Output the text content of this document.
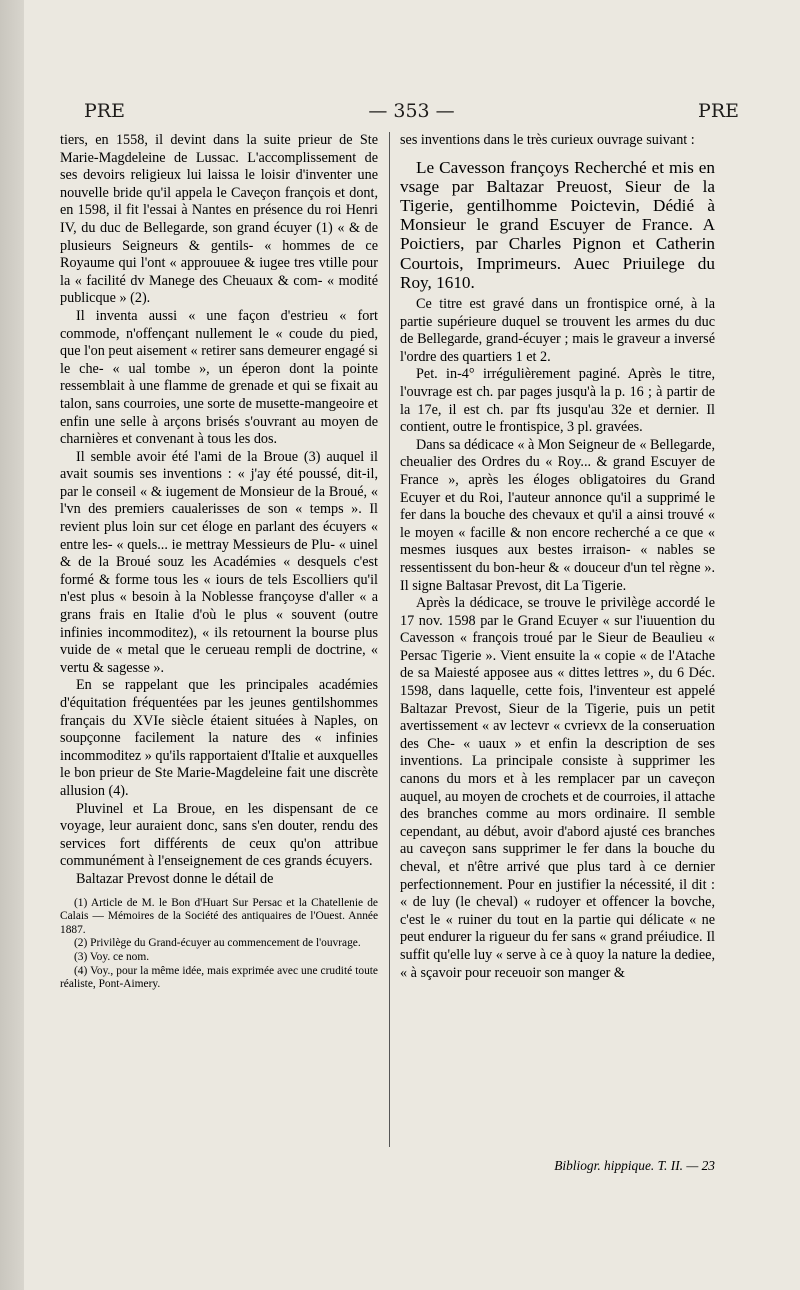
PRE	— 353 —	PRE

tiers, en 1558, il devint dans la suite prieur de Ste Marie-Magdeleine de Lussac. L'accomplissement de ses devoirs religieux lui laissa le loisir d'inventer une nouvelle bride qu'il appela le Caveçon françois et dont, en 1598, il fit l'essai à Nantes en présence du roi Henri IV, du duc de Bellegarde, son grand écuyer (1) « & de plusieurs Seigneurs & gentils- « hommes de ce Royaume qui l'ont « approuuee & iugee tres vtille pour la « facilité dv Manege des Cheuaux & com- « modité publicque » (2).

Il inventa aussi « une façon d'estrieu « fort commode, n'offençant nullement le « coude du pied, que l'on peut aisement « retirer sans demeurer engagé si le che- « ual tombe », un éperon dont la pointe ressemblait à une flamme de grenade et qui se fixait au talon, sans courroies, une sorte de musette-mangeoire et enfin une selle à arçons brisés s'ouvrant au moyen de charnières et convenant à tous les dos.

Il semble avoir été l'ami de la Broue (3) auquel il avait soumis ses inventions : « j'ay été poussé, dit-il, par le conseil « & iugement de Monsieur de la Broué, « l'vn des premiers caualerisses de son « temps ». Il revient plus loin sur cet éloge en parlant des écuyers « entre les- « quels... ie mettray Messieurs de Plu- « uinel & de la Broué souz les Académies « desquels c'est formé & forme tous les « iours de tels Escolliers qu'il n'est plus « besoin à la Noblesse françoyse d'aller « a grans frais en Italie d'où le plus « souvent (outre infinies incommoditez), « ils retournent la bourse plus vuide de « metal que le cerueau rempli de doctrine, « vertu & sagesse ».

En se rappelant que les principales académies d'équitation fréquentées par les jeunes gentilshommes français du XVIe siècle étaient situées à Naples, on soupçonne facilement la nature des « infinies incommoditez » qu'ils rapportaient d'Italie et auxquelles le bon prieur de Ste Marie-Magdeleine fait une discrète allusion (4).

Pluvinel et La Broue, en les dispensant de ce voyage, leur auraient donc, sans s'en douter, rendu des services fort différents de ceux qu'on attribue communément à l'enseignement de ces grands écuyers.

Baltazar Prevost donne le détail de

(1) Article de M. le Bon d'Huart Sur Persac et la Chatellenie de Calais — Mémoires de la Société des antiquaires de l'Ouest. Année 1887.

(2) Privilège du Grand-écuyer au commencement de l'ouvrage.

(3) Voy. ce nom.

(4) Voy., pour la même idée, mais exprimée avec une crudité toute réaliste, Pont-Aimery.

ses inventions dans le très curieux ouvrage suivant :

Le Cavesson françoys Recherché et mis en vsage par Baltazar Preuost, Sieur de la Tigerie, gentilhomme Poictevin, Dédié à Monsieur le grand Escuyer de France. A Poictiers, par Charles Pignon et Catherin Courtois, Imprimeurs. Auec Priuilege du Roy, 1610.

Ce titre est gravé dans un frontispice orné, à la partie supérieure duquel se trouvent les armes du duc de Bellegarde, grand-écuyer ; mais le graveur a inversé l'ordre des quartiers 1 et 2.

Pet. in-4° irrégulièrement paginé. Après le titre, l'ouvrage est ch. par pages jusqu'à la p. 16 ; à partir de la 17e, il est ch. par fts jusqu'au 32e et dernier. Il contient, outre le frontispice, 3 pl. gravées.

Dans sa dédicace « à Mon Seigneur de « Bellegarde, cheualier des Ordres du « Roy... & grand Escuyer de France », après les éloges obligatoires du Grand Ecuyer et du Roi, l'auteur annonce qu'il a supprimé le fer dans la bouche des chevaux et qu'il a ainsi trouvé « le moyen « facille & non encore recherché a ce que « mesmes iusques aux bestes irraison- « nables se ressentissent du bon-heur & « douceur d'un tel règne ». Il signe Baltasar Prevost, dit La Tigerie.

Après la dédicace, se trouve le privilège accordé le 17 nov. 1598 par le Grand Ecuyer « sur l'iuuention du Cavesson « françois troué par le Sieur de Beaulieu « Persac Tigerie ». Vient ensuite la « copie « de l'Atache de sa Maiesté apposee aus « dittes lettres », du 6 Déc. 1598, dans laquelle, cette fois, l'inventeur est appelé Baltazar Prevost, Sieur de la Tigerie, puis un petit avertissement « av lectevr « cvrievx de la conseruation des Che- « uaux » et enfin la description de ses inventions. La principale consiste à supprimer les canons du mors et à les remplacer par un caveçon auquel, au moyen de crochets et de courroies, il attache des branches comme au mors ordinaire. Il semble cependant, au début, avoir d'abord ajusté ces branches au caveçon sans supprimer le fer dans la bouche du cheval, et n'être arrivé que plus tard à ce dernier perfectionnement. Pour en justifier la nécessité, il dit : « de luy (le cheval) « rudoyer et offencer la bovche, c'est le « ruiner du tout en la partie qui délicate « ne peut endurer la rigueur du fer sans « grand préiudice. Il suffit qu'elle luy « serve à ce à quoy la nature la dediee, « à sçavoir pour receuoir son manger &

Bibliogr. hippique. T. II. — 23
